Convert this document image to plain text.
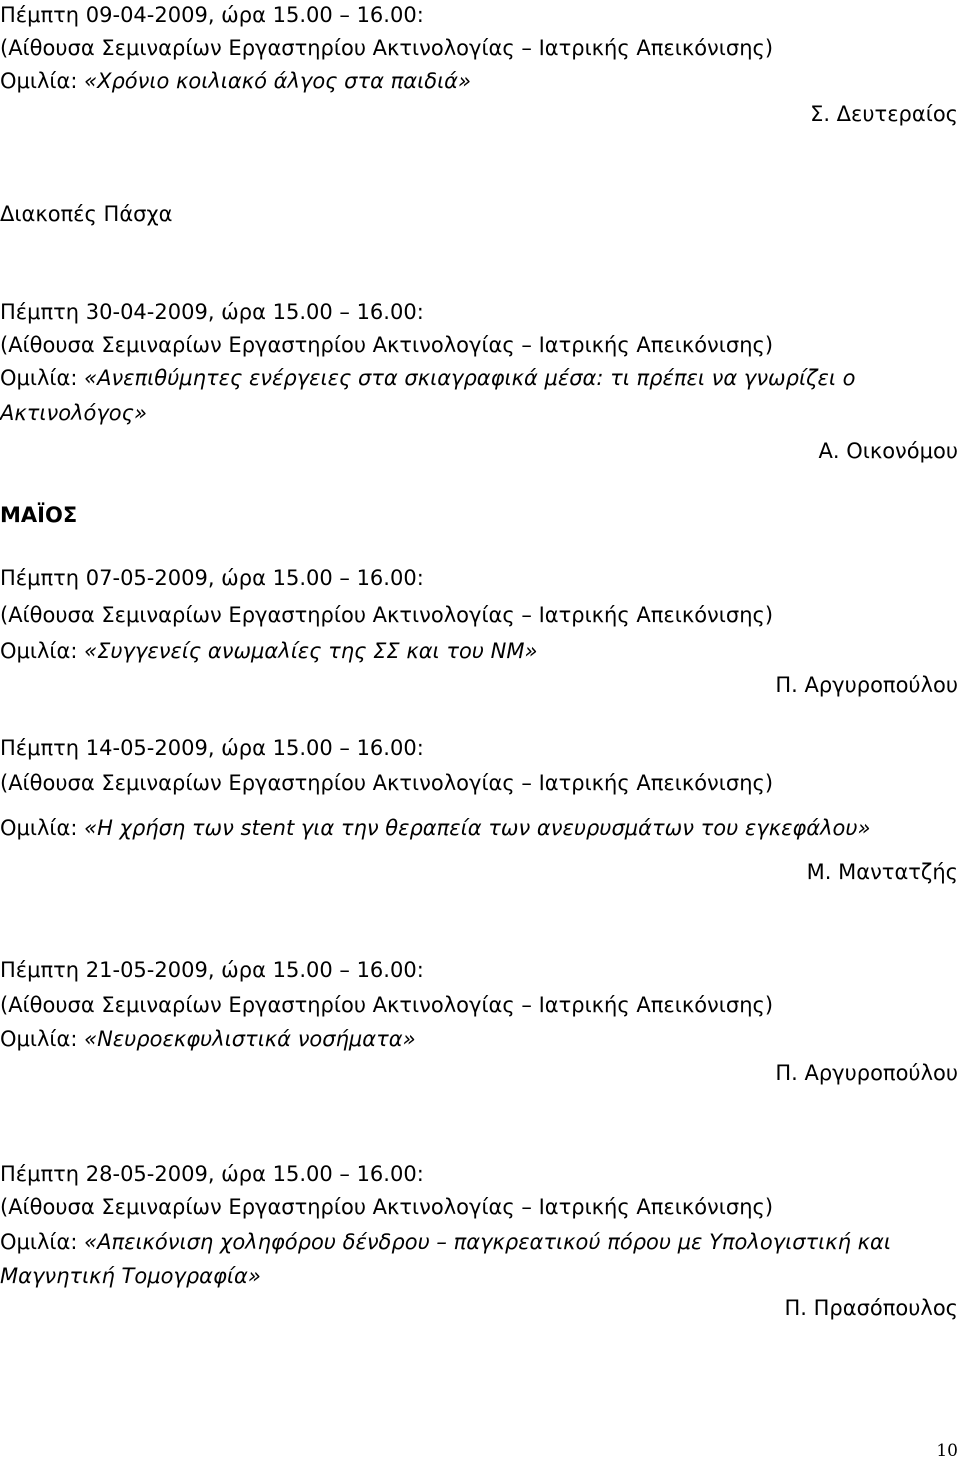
Πέμπτη 09-04-2009, ώρα 15.00 – 16.00:
(Αίθουσα Σεμιναρίων Εργαστηρίου Ακτινολογίας – Ιατρικής Απεικόνισης)
Ομιλία: «Χρόνιο κοιλιακό άλγος στα παιδιά»
Σ. Δευτεραίος
Διακοπές Πάσχα
Πέμπτη 30-04-2009, ώρα 15.00 – 16.00:
(Αίθουσα Σεμιναρίων Εργαστηρίου Ακτινολογίας – Ιατρικής Απεικόνισης)
Ομιλία: «Ανεπιθύμητες ενέργειες στα σκιαγραφικά μέσα: τι πρέπει να γνωρίζει ο
Ακτινολόγος»
Α. Οικονόμου
ΜΑΪΟΣ
Πέμπτη 07-05-2009, ώρα 15.00 – 16.00:
(Αίθουσα Σεμιναρίων Εργαστηρίου Ακτινολογίας – Ιατρικής Απεικόνισης)
Ομιλία: «Συγγενείς ανωμαλίες της ΣΣ και του ΝΜ»
Π. Αργυροπούλου
Πέμπτη 14-05-2009, ώρα 15.00 – 16.00:
(Αίθουσα Σεμιναρίων Εργαστηρίου Ακτινολογίας – Ιατρικής Απεικόνισης)
Ομιλία: «Η χρήση των stent για την θεραπεία των ανευρυσμάτων του εγκεφάλου»
Μ. Μαντατζής
Πέμπτη 21-05-2009, ώρα 15.00 – 16.00:
(Αίθουσα Σεμιναρίων Εργαστηρίου Ακτινολογίας – Ιατρικής Απεικόνισης)
Ομιλία: «Νευροεκφυλιστικά νοσήματα»
Π. Αργυροπούλου
Πέμπτη 28-05-2009, ώρα 15.00 – 16.00:
(Αίθουσα Σεμιναρίων Εργαστηρίου Ακτινολογίας – Ιατρικής Απεικόνισης)
Ομιλία: «Απεικόνιση χοληφόρου δένδρου – παγκρεατικού πόρου με Υπολογιστική και
Μαγνητική Τομογραφία»
Π. Πρασόπουλος
10
